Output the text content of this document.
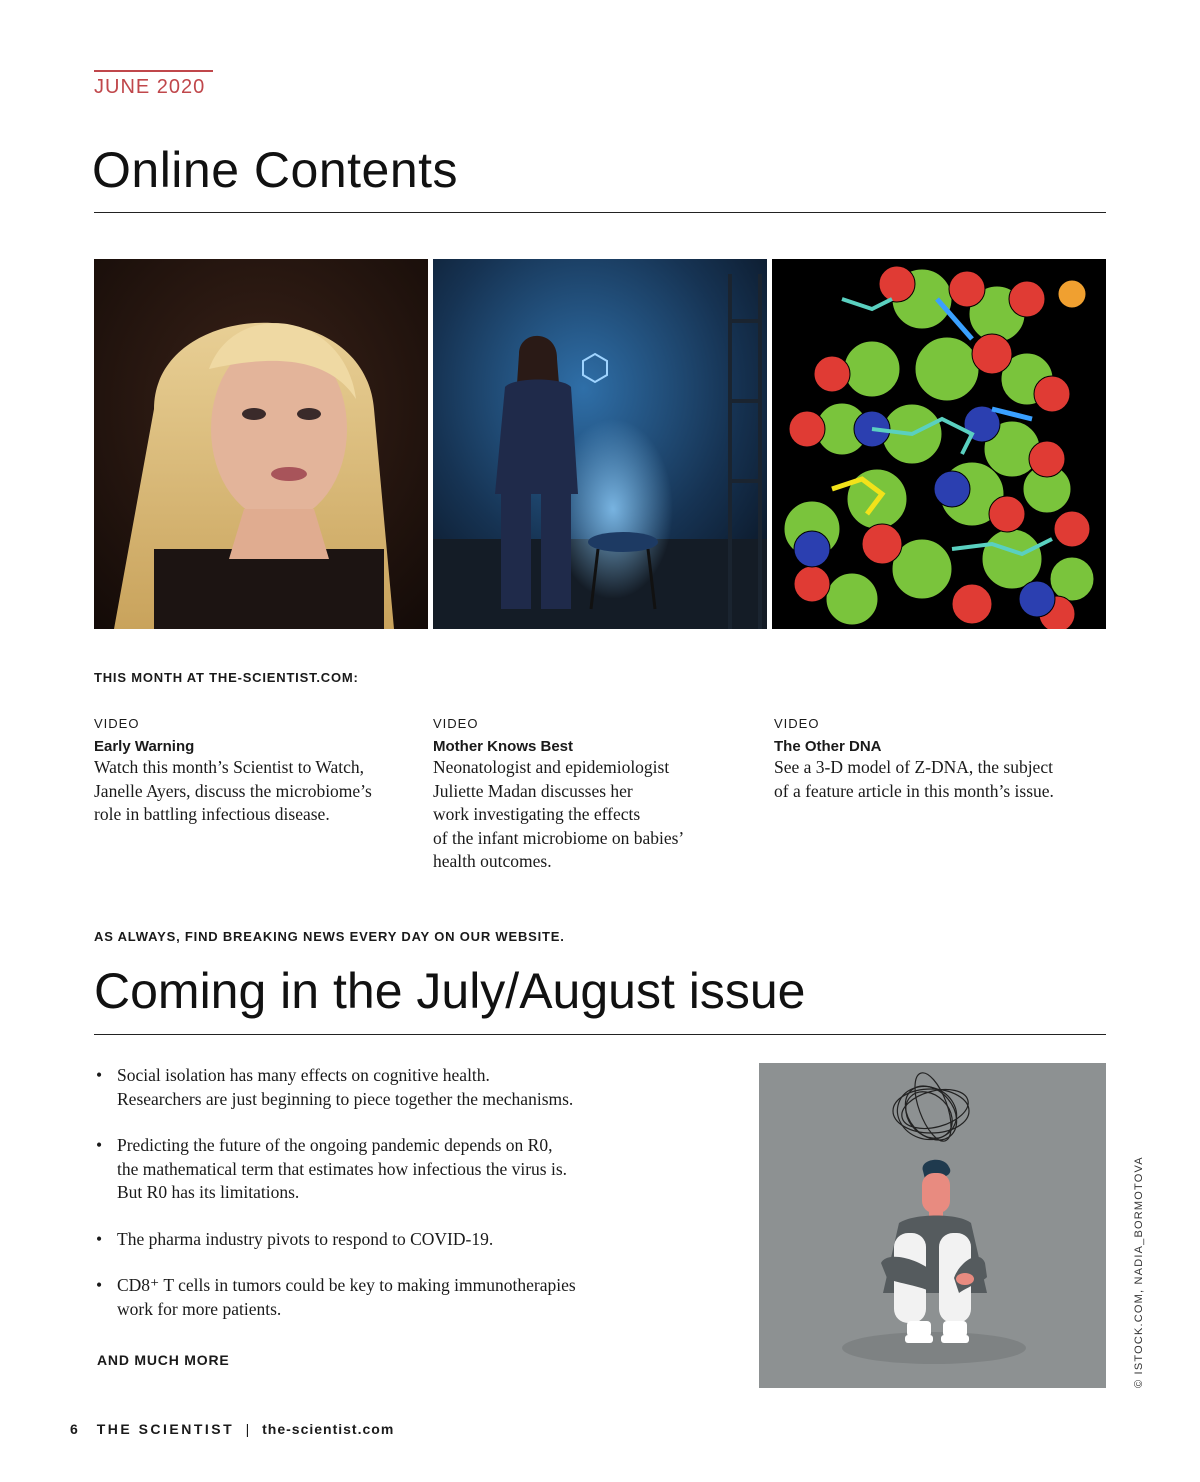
JUNE 2020
Online Contents
THIS MONTH AT THE-SCIENTIST.COM:
VIDEO
Early Warning
Watch this month’s Scientist to Watch,
Janelle Ayers, discuss the microbiome’s
role in battling infectious disease.
VIDEO
Mother Knows Best
Neonatologist and epidemiologist
Juliette Madan discusses her
work investigating the effects
of the infant microbiome on babies’
health outcomes.
VIDEO
The Other DNA
See a 3-D model of Z-DNA, the subject
of a feature article in this month’s issue.
AS ALWAYS, FIND BREAKING NEWS EVERY DAY ON OUR WEBSITE.
Coming in the July/August issue
• Social isolation has many effects on cognitive health.
Researchers are just beginning to piece together the mechanisms.
• Predicting the future of the ongoing pandemic depends on R0,
the mathematical term that estimates how infectious the virus is.
But R0 has its limitations.
• The pharma industry pivots to respond to COVID-19.
• CD8⁺ T cells in tumors could be key to making immunotherapies
work for more patients.
AND MUCH MORE	© ISTOCK.COM, NADIA_BORMOTOVA
6 THE SCIENTIST | the-scientist.com
